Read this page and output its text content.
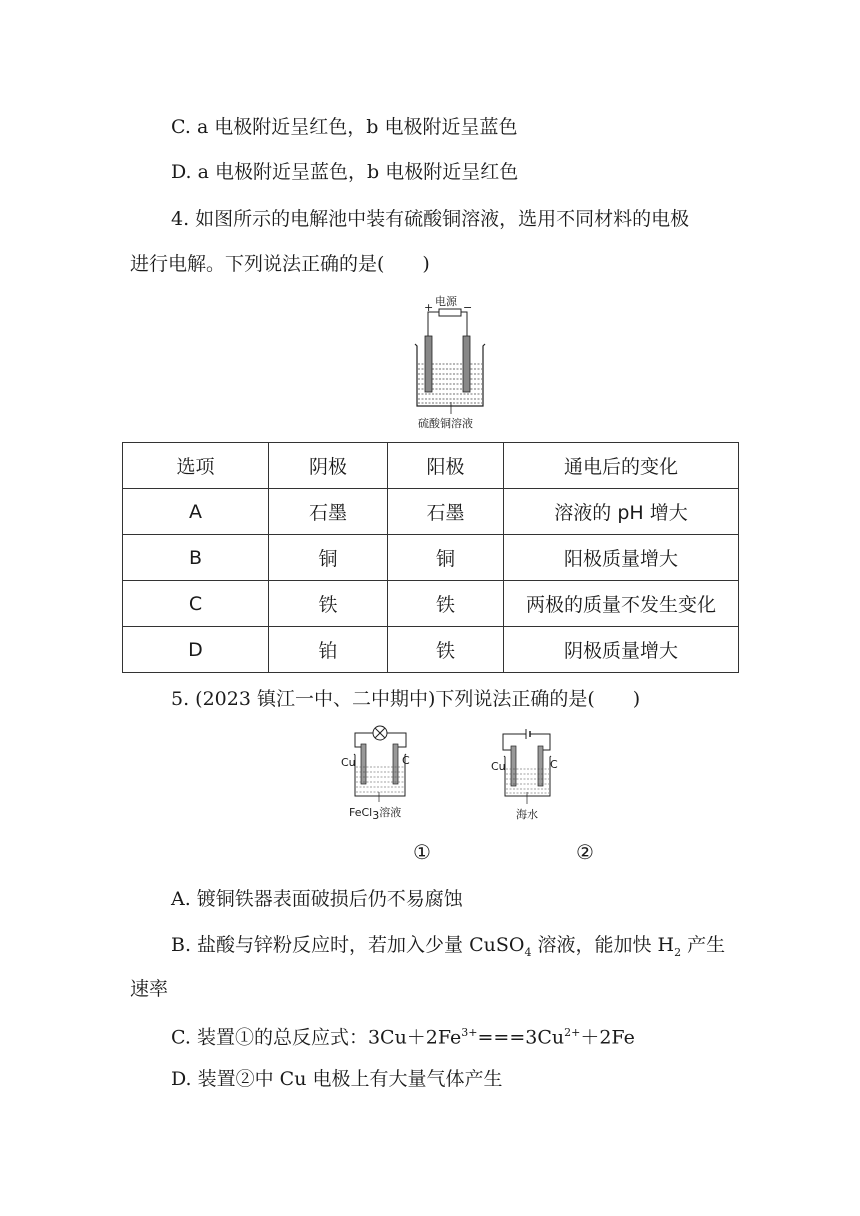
C. a 电极附近呈红色，b 电极附近呈蓝色
D. a 电极附近呈蓝色，b 电极附近呈红色
4. 如图所示的电解池中装有硫酸铜溶液，选用不同材料的电极
进行电解。下列说法正确的是(　　)
电源
+	−
硫酸铜溶液
选项	阴极	阳极	通电后的变化
A	石墨	石墨	溶液的 pH 增大
B	铜	铜	阳极质量增大
C	铁	铁	两极的质量不发生变化
D	铂	铁	阴极质量增大
5. (2023 镇江一中、二中期中)下列说法正确的是(　　)
Cu	C
FeCl$_3$溶液
Cu	C
海水
①	②
A. 镀铜铁器表面破损后仍不易腐蚀
B. 盐酸与锌粉反应时，若加入少量 CuSO$_4$ 溶液，能加快 $H_2$ 产生
速率
C. 装置①的总反应式：$3Cu+2Fe^{3+}===3Cu^{2+}+2Fe$
D. 装置②中 Cu 电极上有大量气体产生
